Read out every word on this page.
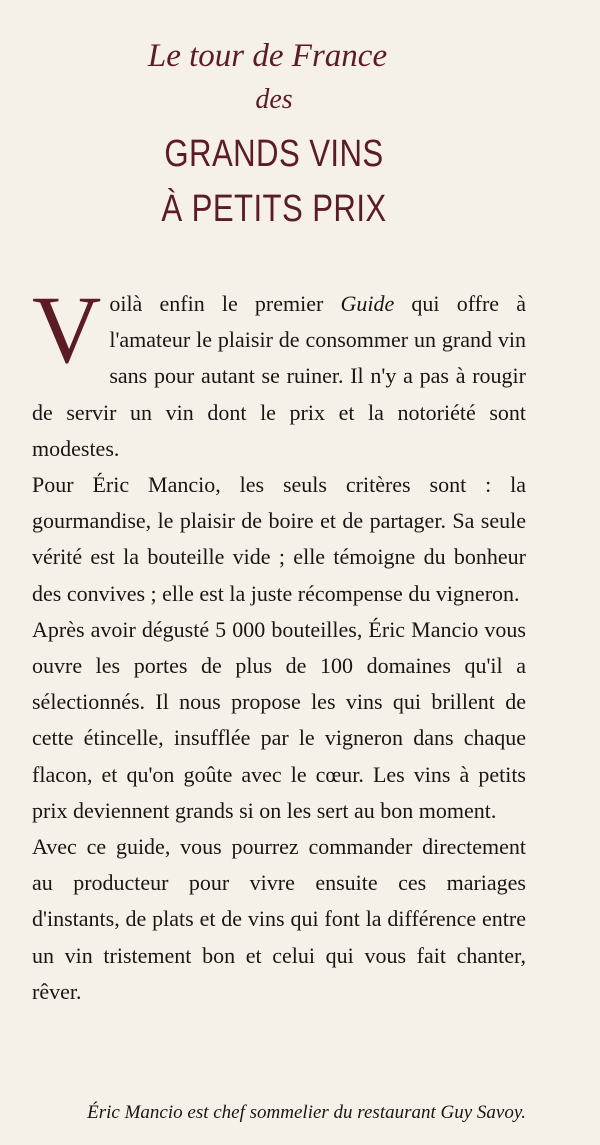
Le tour de France
des
GRANDS VINS
À PETITS PRIX

Voilà enfin le premier Guide qui offre à l'amateur le plaisir de consommer un grand vin sans pour autant se ruiner. Il n'y a pas à rougir de servir un vin dont le prix et la notoriété sont modestes.

Pour Éric Mancio, les seuls critères sont : la gourmandise, le plaisir de boire et de partager. Sa seule vérité est la bouteille vide ; elle témoigne du bonheur des convives ; elle est la juste récompense du vigneron.

Après avoir dégusté 5 000 bouteilles, Éric Mancio vous ouvre les portes de plus de 100 domaines qu'il a sélectionnés. Il nous propose les vins qui brillent de cette étincelle, insufflée par le vigneron dans chaque flacon, et qu'on goûte avec le cœur. Les vins à petits prix deviennent grands si on les sert au bon moment.

Avec ce guide, vous pourrez commander directement au producteur pour vivre ensuite ces mariages d'instants, de plats et de vins qui font la différence entre un vin tristement bon et celui qui vous fait chanter, rêver.

Éric Mancio est chef sommelier du restaurant Guy Savoy.
